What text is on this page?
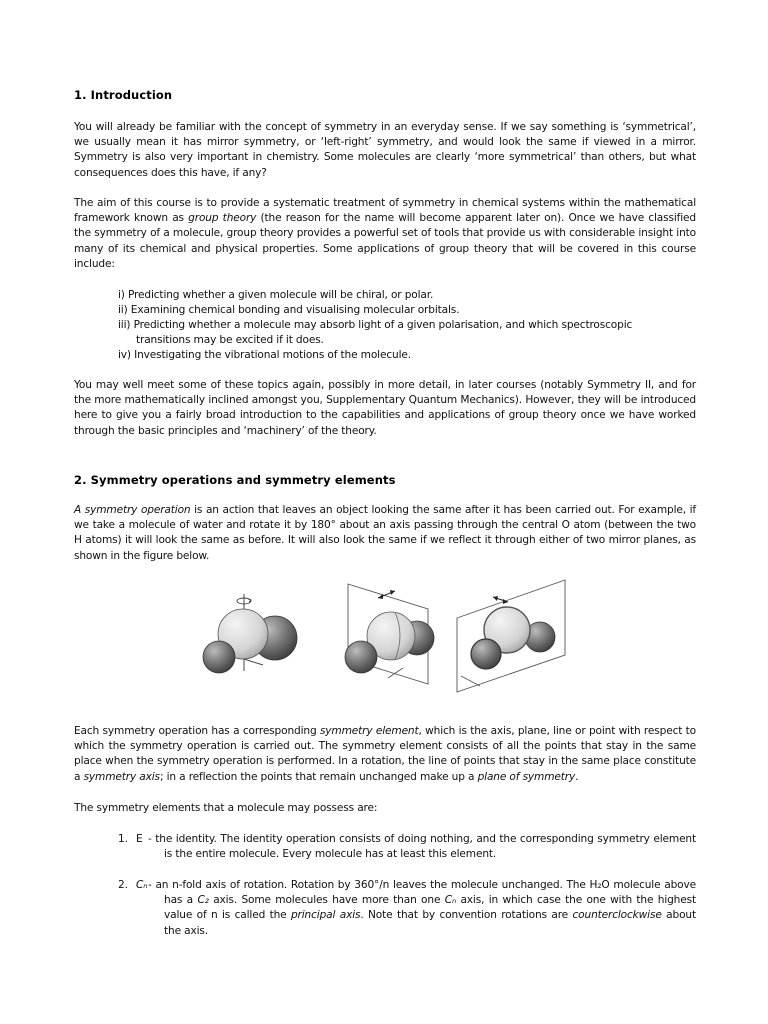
1. Introduction
You will already be familiar with the concept of symmetry in an everyday sense. If we say something is ‘symmetrical’, we usually mean it has mirror symmetry, or ‘left-right’ symmetry, and would look the same if viewed in a mirror. Symmetry is also very important in chemistry. Some molecules are clearly ‘more symmetrical’ than others, but what consequences does this have, if any?
The aim of this course is to provide a systematic treatment of symmetry in chemical systems within the mathematical framework known as group theory (the reason for the name will become apparent later on). Once we have classified the symmetry of a molecule, group theory provides a powerful set of tools that provide us with considerable insight into many of its chemical and physical properties. Some applications of group theory that will be covered in this course include:
i) Predicting whether a given molecule will be chiral, or polar.
ii) Examining chemical bonding and visualising molecular orbitals.
iii) Predicting whether a molecule may absorb light of a given polarisation, and which spectroscopic
transitions may be excited if it does.
iv) Investigating the vibrational motions of the molecule.
You may well meet some of these topics again, possibly in more detail, in later courses (notably Symmetry II, and for the more mathematically inclined amongst you, Supplementary Quantum Mechanics). However, they will be introduced here to give you a fairly broad introduction to the capabilities and applications of group theory once we have worked through the basic principles and ‘machinery’ of the theory.
2. Symmetry operations and symmetry elements
A symmetry operation is an action that leaves an object looking the same after it has been carried out. For example, if we take a molecule of water and rotate it by 180° about an axis passing through the central O atom (between the two H atoms) it will look the same as before. It will also look the same if we reflect it through either of two mirror planes, as shown in the figure below.
Each symmetry operation has a corresponding symmetry element, which is the axis, plane, line or point with respect to which the symmetry operation is carried out. The symmetry element consists of all the points that stay in the same place when the symmetry operation is performed. In a rotation, the line of points that stay in the same place constitute a symmetry axis; in a reflection the points that remain unchanged make up a plane of symmetry.
The symmetry elements that a molecule may possess are:
1. E - the identity. The identity operation consists of doing nothing, and the corresponding symmetry element is the entire molecule. Every molecule has at least this element.
2. Cₙ - an n-fold axis of rotation. Rotation by 360°/n leaves the molecule unchanged. The H₂O molecule above has a C₂ axis. Some molecules have more than one Cₙ axis, in which case the one with the highest value of n is called the principal axis. Note that by convention rotations are counterclockwise about the axis.
